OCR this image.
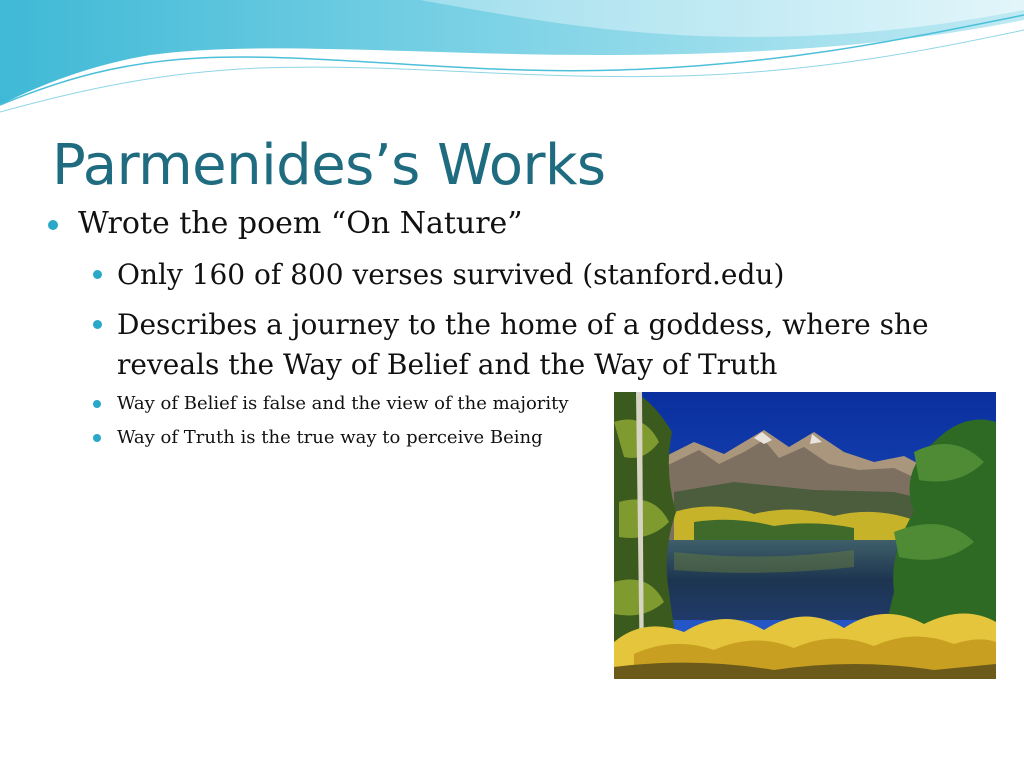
Parmenides’s Works
Wrote the poem “On Nature”
Only 160 of 800 verses survived (stanford.edu)
Describes a journey to the home of a goddess, where she
reveals the Way of Belief and the Way of Truth
Way of Belief is false and the view of the majority
Way of Truth is the true way to perceive Being
